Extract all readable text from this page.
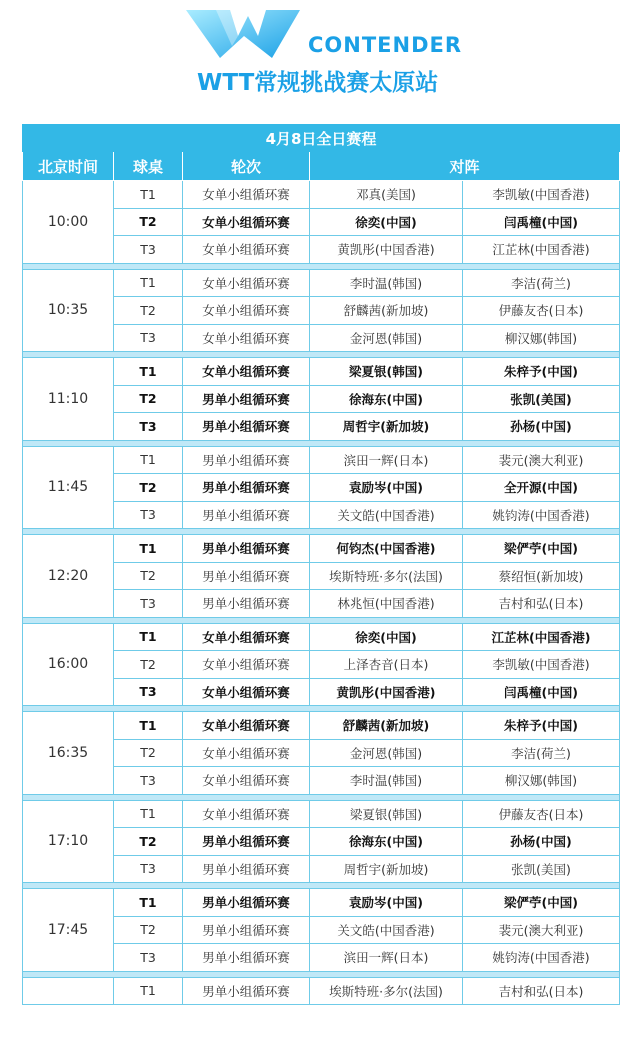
CONTENDER
WTT常规挑战赛太原站
4月8日全日赛程				
北京时间	球桌	轮次	对阵	
10:00	T1	女单小组循环赛	邓真(美国)	李凯敏(中国香港)
	T2	女单小组循环赛	徐奕(中国)	闫禹橦(中国)
	T3	女单小组循环赛	黄凯彤(中国香港)	江芷林(中国香港)

10:35	T1	女单小组循环赛	李时温(韩国)	李洁(荷兰)
	T2	女单小组循环赛	舒麟茜(新加坡)	伊藤友杏(日本)
	T3	女单小组循环赛	金河恩(韩国)	柳汉娜(韩国)

11:10	T1	女单小组循环赛	梁夏银(韩国)	朱梓予(中国)
	T2	男单小组循环赛	徐海东(中国)	张凯(美国)
	T3	男单小组循环赛	周哲宇(新加坡)	孙杨(中国)

11:45	T1	男单小组循环赛	滨田一辉(日本)	裴元(澳大利亚)
	T2	男单小组循环赛	袁励岑(中国)	全开源(中国)
	T3	男单小组循环赛	关文皓(中国香港)	姚钧涛(中国香港)

12:20	T1	男单小组循环赛	何钧杰(中国香港)	梁俨苧(中国)
	T2	男单小组循环赛	埃斯特班·多尔(法国)	蔡绍恒(新加坡)
	T3	男单小组循环赛	林兆恒(中国香港)	吉村和弘(日本)

16:00	T1	女单小组循环赛	徐奕(中国)	江芷林(中国香港)
	T2	女单小组循环赛	上泽杏音(日本)	李凯敏(中国香港)
	T3	女单小组循环赛	黄凯彤(中国香港)	闫禹橦(中国)

16:35	T1	女单小组循环赛	舒麟茜(新加坡)	朱梓予(中国)
	T2	女单小组循环赛	金河恩(韩国)	李洁(荷兰)
	T3	女单小组循环赛	李时温(韩国)	柳汉娜(韩国)

17:10	T1	女单小组循环赛	梁夏银(韩国)	伊藤友杏(日本)
	T2	男单小组循环赛	徐海东(中国)	孙杨(中国)
	T3	男单小组循环赛	周哲宇(新加坡)	张凯(美国)

17:45	T1	男单小组循环赛	袁励岑(中国)	梁俨苧(中国)
	T2	男单小组循环赛	关文皓(中国香港)	裴元(澳大利亚)
	T3	男单小组循环赛	滨田一辉(日本)	姚钧涛(中国香港)

	T1	男单小组循环赛	埃斯特班·多尔(法国)	吉村和弘(日本)
